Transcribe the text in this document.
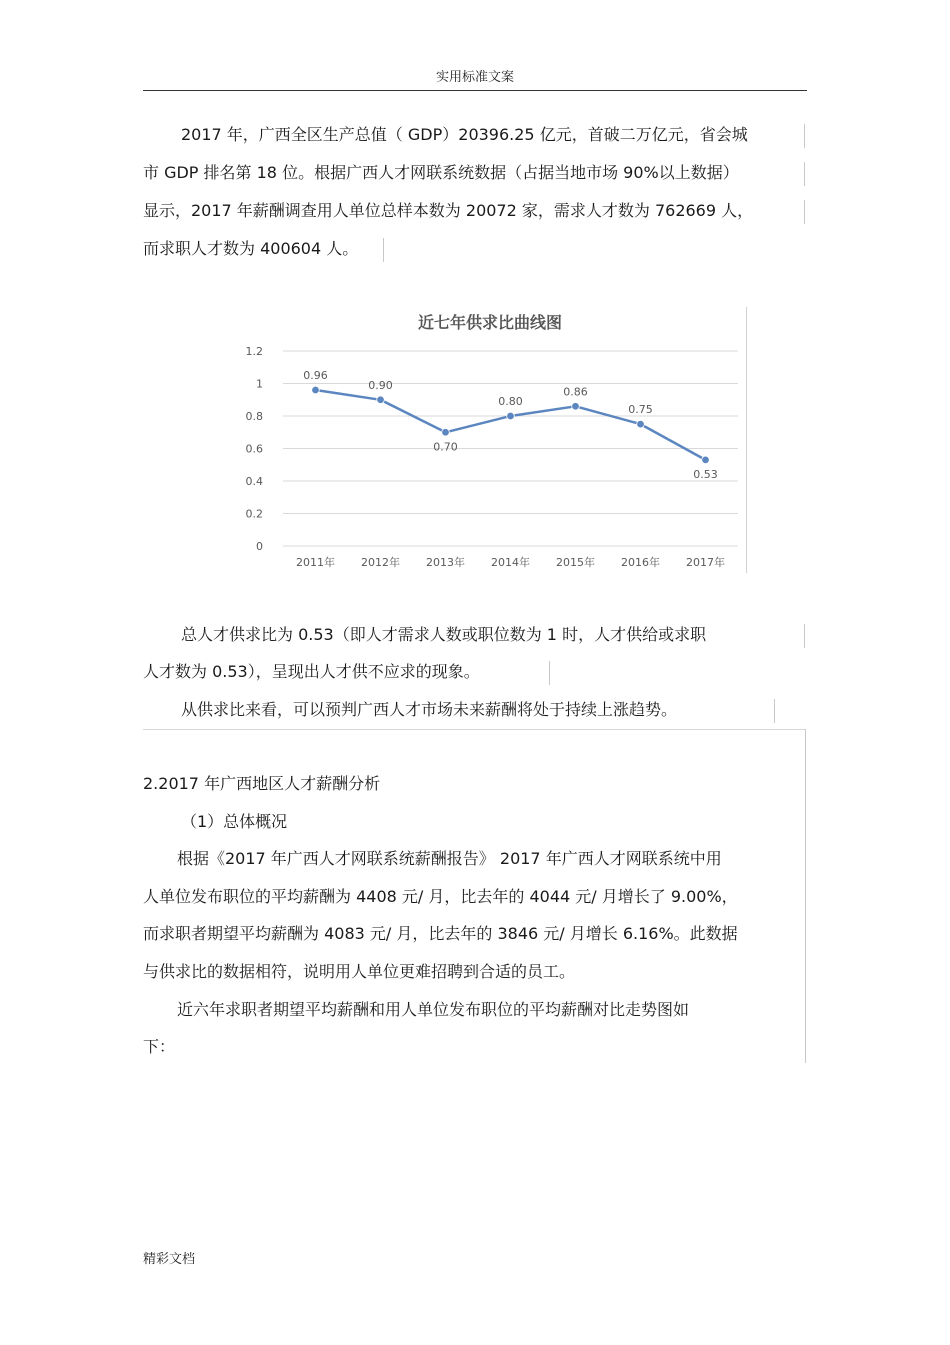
实用标准文案

2017 年，广西全区生产总值（ GDP）20396.25 亿元，首破二万亿元，省会城

市 GDP 排名第 18 位。根据广西人才网联系统数据（占据当地市场 90%以上数据）

显示，2017 年薪酬调查用人单位总样本数为 20072 家，需求人才数为 762669 人，

而求职人才数为 400604 人。

近七年供求比曲线图
0
0.2
0.4
0.6
0.8
1
1.2
2011年 2012年 2013年 2014年 2015年 2016年 2017年
0.96
0.90
0.70
0.80
0.86
0.75
0.53

总人才供求比为 0.53（即人才需求人数或职位数为 1 时，人才供给或求职

人才数为 0.53），呈现出人才供不应求的现象。

从供求比来看，可以预判广西人才市场未来薪酬将处于持续上涨趋势。

2.2017 年广西地区人才薪酬分析

（1）总体概况

根据《2017 年广西人才网联系统薪酬报告》 2017 年广西人才网联系统中用

人单位发布职位的平均薪酬为 4408 元/ 月，比去年的 4044 元/ 月增长了 9.00%，

而求职者期望平均薪酬为 4083 元/ 月，比去年的 3846 元/ 月增长 6.16%。此数据

与供求比的数据相符，说明用人单位更难招聘到合适的员工。

近六年求职者期望平均薪酬和用人单位发布职位的平均薪酬对比走势图如

下：

精彩文档
